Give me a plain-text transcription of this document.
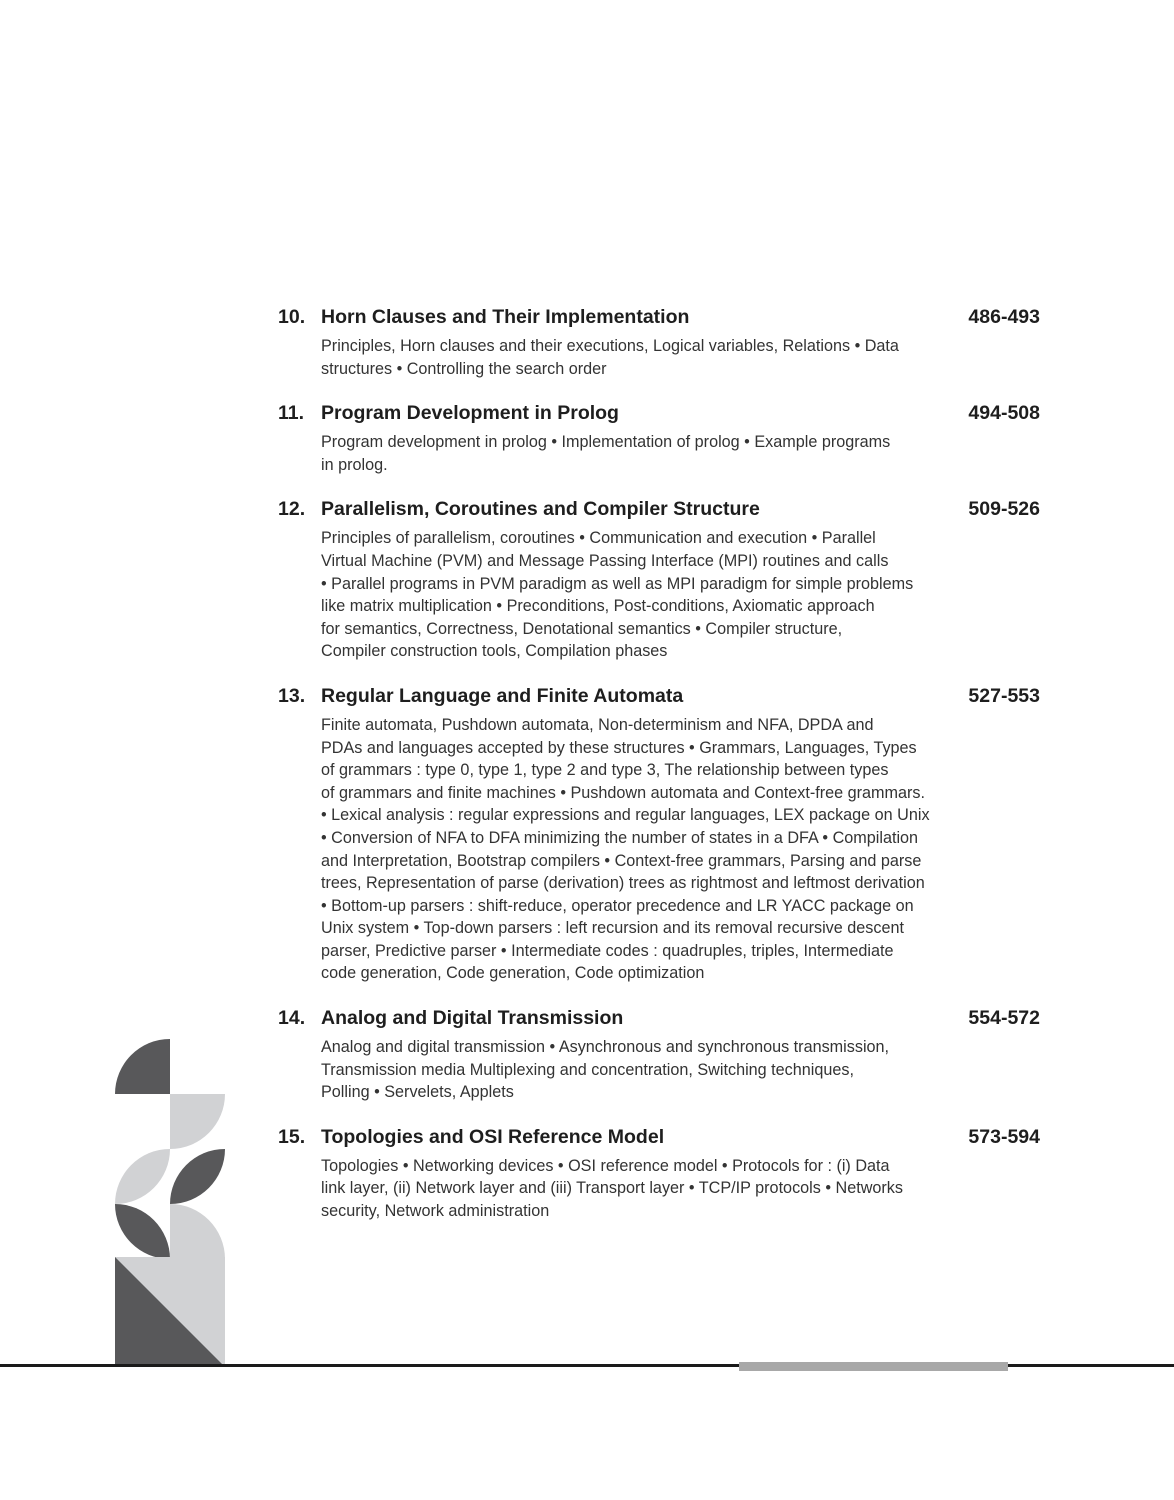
10. Horn Clauses and Their Implementation	486-493
Principles, Horn clauses and their executions, Logical variables, Relations • Data
structures • Controlling the search order
11. Program Development in Prolog	494-508
Program development in prolog • Implementation of prolog • Example programs
in prolog.
12. Parallelism, Coroutines and Compiler Structure	509-526
Principles of parallelism, coroutines • Communication and execution • Parallel
Virtual Machine (PVM) and Message Passing Interface (MPI) routines and calls
• Parallel programs in PVM paradigm as well as MPI paradigm for simple problems
like matrix multiplication • Preconditions, Post-conditions, Axiomatic approach
for semantics, Correctness, Denotational semantics • Compiler structure,
Compiler construction tools, Compilation phases
13. Regular Language and Finite Automata	527-553
Finite automata, Pushdown automata, Non-determinism and NFA, DPDA and
PDAs and languages accepted by these structures • Grammars, Languages, Types
of grammars : type 0, type 1, type 2 and type 3, The relationship between types
of grammars and finite machines • Pushdown automata and Context-free grammars.
• Lexical analysis : regular expressions and regular languages, LEX package on Unix
• Conversion of NFA to DFA minimizing the number of states in a DFA • Compilation
and Interpretation, Bootstrap compilers • Context-free grammars, Parsing and parse
trees, Representation of parse (derivation) trees as rightmost and leftmost derivation
• Bottom-up parsers : shift-reduce, operator precedence and LR YACC package on
Unix system • Top-down parsers : left recursion and its removal recursive descent
parser, Predictive parser • Intermediate codes : quadruples, triples, Intermediate
code generation, Code generation, Code optimization
14. Analog and Digital Transmission	554-572
Analog and digital transmission • Asynchronous and synchronous transmission,
Transmission media Multiplexing and concentration, Switching techniques,
Polling • Servelets, Applets
15. Topologies and OSI Reference Model	573-594
Topologies • Networking devices • OSI reference model • Protocols for : (i) Data
link layer, (ii) Network layer and (iii) Transport layer • TCP/IP protocols • Networks
security, Network administration
